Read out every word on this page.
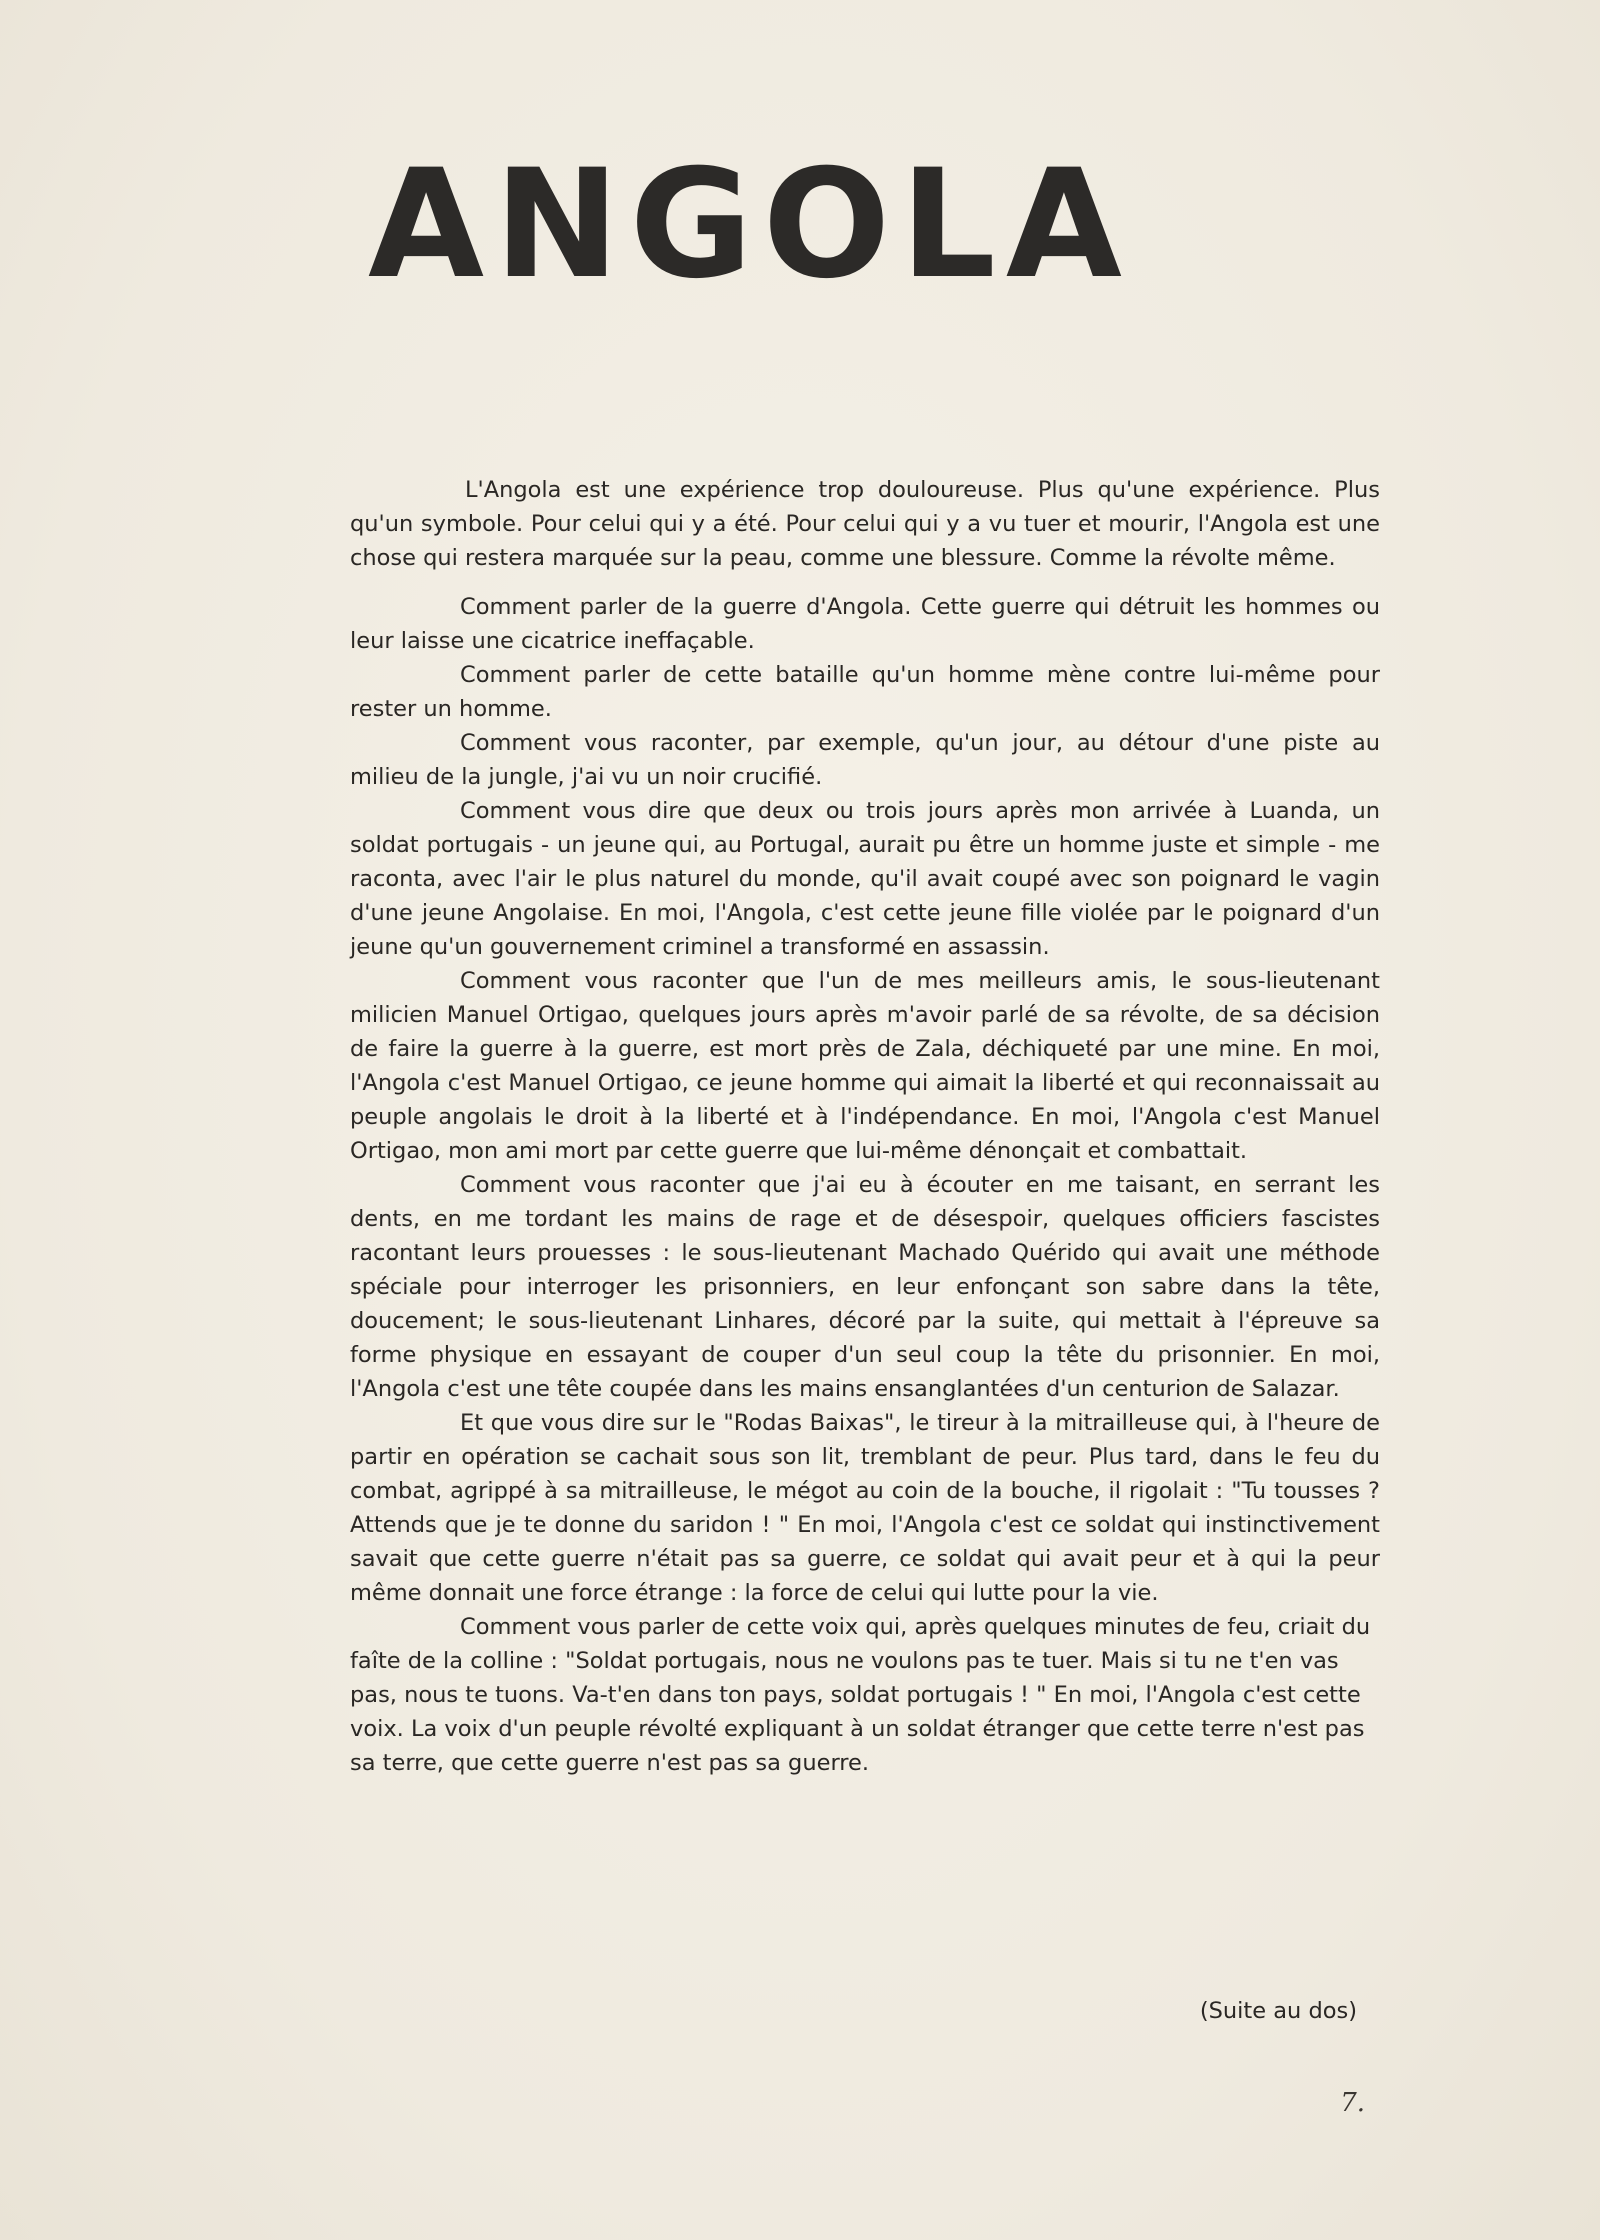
ANGOLA

L'Angola est une expérience trop douloureuse. Plus qu'une expérience. Plus qu'un symbole. Pour celui qui y a été. Pour celui qui y a vu tuer et mourir, l'Angola est une chose qui restera marquée sur la peau, comme une blessure. Comme la révolte même.

Comment parler de la guerre d'Angola. Cette guerre qui détruit les hommes ou leur laisse une cicatrice ineffaçable.

Comment parler de cette bataille qu'un homme mène contre lui-même pour rester un homme.

Comment vous raconter, par exemple, qu'un jour, au détour d'une piste au milieu de la jungle, j'ai vu un noir crucifié.

Comment vous dire que deux ou trois jours après mon arrivée à Luanda, un soldat portugais - un jeune qui, au Portugal, aurait pu être un homme juste et simple - me raconta, avec l'air le plus naturel du monde, qu'il avait coupé avec son poignard le vagin d'une jeune Angolaise. En moi, l'Angola, c'est cette jeune fille violée par le poignard d'un jeune qu'un gouvernement criminel a transformé en assassin.

Comment vous raconter que l'un de mes meilleurs amis, le sous-lieutenant milicien Manuel Ortigao, quelques jours après m'avoir parlé de sa révolte, de sa décision de faire la guerre à la guerre, est mort près de Zala, déchiqueté par une mine. En moi, l'Angola c'est Manuel Ortigao, ce jeune homme qui aimait la liberté et qui reconnaissait au peuple angolais le droit à la liberté et à l'indépendance. En moi, l'Angola c'est Manuel Ortigao, mon ami mort par cette guerre que lui-même dénonçait et combattait.

Comment vous raconter que j'ai eu à écouter en me taisant, en serrant les dents, en me tordant les mains de rage et de désespoir, quelques officiers fascistes racontant leurs prouesses : le sous-lieutenant Machado Quérido qui avait une méthode spéciale pour interroger les prisonniers, en leur enfonçant son sabre dans la tête, doucement; le sous-lieutenant Linhares, décoré par la suite, qui mettait à l'épreuve sa forme physique en essayant de couper d'un seul coup la tête du prisonnier. En moi, l'Angola c'est une tête coupée dans les mains ensanglantées d'un centurion de Salazar.

Et que vous dire sur le "Rodas Baixas", le tireur à la mitrailleuse qui, à l'heure de partir en opération se cachait sous son lit, tremblant de peur. Plus tard, dans le feu du combat, agrippé à sa mitrailleuse, le mégot au coin de la bouche, il rigolait : "Tu tousses ? Attends que je te donne du saridon ! " En moi, l'Angola c'est ce soldat qui instinctivement savait que cette guerre n'était pas sa guerre, ce soldat qui avait peur et à qui la peur même donnait une force étrange : la force de celui qui lutte pour la vie.

Comment vous parler de cette voix qui, après quelques minutes de feu, criait du faîte de la colline : "Soldat portugais, nous ne voulons pas te tuer. Mais si tu ne t'en vas pas, nous te tuons. Va-t'en dans ton pays, soldat portugais ! " En moi, l'Angola c'est cette voix. La voix d'un peuple révolté expliquant à un soldat étranger que cette terre n'est pas sa terre, que cette guerre n'est pas sa guerre.

(Suite au dos)

7.
